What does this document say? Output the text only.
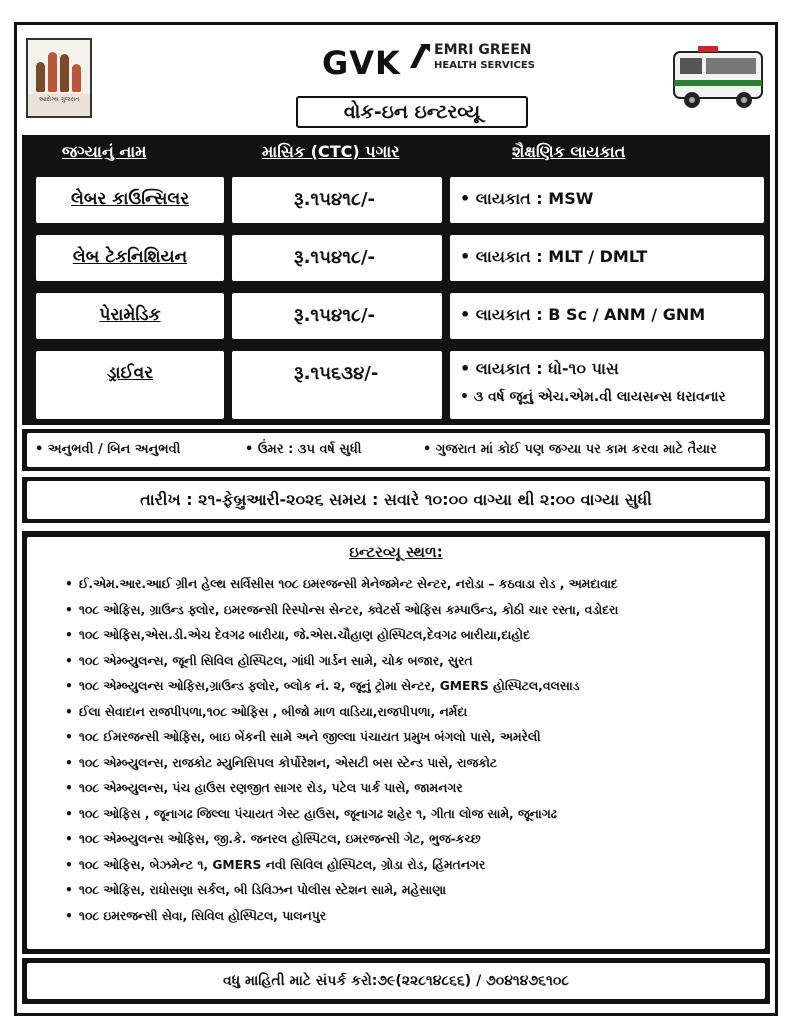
આરોગ્ય ગુજરાત
GVK EMRI GREEN
HEALTH SERVICES
વોક-ઇન ઇન્ટરવ્યૂ
જગ્યાનું નામ	માસિક (CTC) પગાર	શૈક્ષણિક લાયકાત
લેબર કાઉન્સિલર	રૂ.૧૫૪૧૮/-	• લાયકાત : MSW
લેબ ટેકનિશિયન	રૂ.૧૫૪૧૮/-	• લાયકાત : MLT / DMLT
પેરામેડિક	રૂ.૧૫૪૧૮/-	• લાયકાત : B Sc / ANM / GNM
ડ્રાઈવર	રૂ.૧૫૬૩૪/-	• લાયકાત : ધો-૧૦ પાસ
• ૩ વર્ષ જૂનું એચ.એમ.વી લાયસન્સ ધરાવનાર
• અનુભવી / બિન અનુભવી	• ઉંમર : ૩૫ વર્ષ સુધી	• ગુજરાત માં કોઈ પણ જગ્યા પર કામ કરવા માટે તૈયાર
તારીખ : ૨૧-ફેબ્રુઆરી-૨૦૨૬ સમય : સવારે ૧૦:૦૦ વાગ્યા થી ૨:૦૦ વાગ્યા સુધી
ઇન્ટરવ્યૂ સ્થળ:
• ઈ.એમ.આર.આઈ ગ્રીન હેલ્થ સર્વિસીસ ૧૦૮ ઇમરજન્સી મેનેજમેન્ટ સેન્ટર, નરોડા – કઠવાડા રોડ , અમદાવાદ
• ૧૦૮ ઓફિસ, ગ્રાઉન્ડ ફ્લોર, ઇમરજન્સી રિસ્પોન્સ સેન્ટર, ક્વેટર્સ ઓફિસ કમ્પાઉન્ડ, કોઠી ચાર રસ્તા, વડોદરા
• ૧૦૮ ઓફિસ,એસ.ડી.એચ દેવગઢ બારીયા, જે.એસ.ચૌહાણ હોસ્પિટલ,દેવગઢ બારીયા,દાહોદ
• ૧૦૮ એમ્બ્યુલન્સ, જૂની સિવિલ હોસ્પિટલ, ગાંધી ગાર્ડન સામે, ચોક બજાર, સુરત
• ૧૦૮ એમ્બ્યુલન્સ ઓફિસ,ગ્રાઉન્ડ ફ્લોર, બ્લોક નં. ૨, જૂનું ટ્રોમા સેન્ટર, GMERS હોસ્પિટલ,વલસાડ
• ઈલા સેવાદાન રાજપીપળા,૧૦૮ ઓફિસ , બીજો માળ વાડિયા,રાજપીપળા, નર્મદા
• ૧૦૮ ઈમરજન્સી ઓફિસ, બાઇ બેંકની સામે અને જીલ્લા પંચાયત પ્રમુખ બંગલો પાસે, અમરેલી
• ૧૦૮ એમ્બ્યુલન્સ, રાજકોટ મ્યુનિસિપલ કોર્પોરેશન, એસટી બસ સ્ટેન્ડ પાસે, રાજકોટ
• ૧૦૮ એમ્બ્યુલન્સ, પંચ હાઉસ રણજીત સાગર રોડ, પટેલ પાર્ક પાસે, જામનગર
• ૧૦૮ ઓફિસ , જૂનાગઢ જિલ્લા પંચાયત ગેસ્ટ હાઉસ, જૂનાગઢ શહેર ૧, ગીતા લોજ સામે, જૂનાગઢ
• ૧૦૮ એમ્બ્યુલન્સ ઓફિસ, જી.કે. જનરલ હોસ્પિટલ, ઇમરજન્સી ગેટ, ભુજ-કચ્છ
• ૧૦૮ ઓફિસ, બેઝમેન્ટ ૧, GMERS નવી સિવિલ હોસ્પિટલ, ગ્રોડા રોડ, હિંમતનગર
• ૧૦૮ ઓફિસ, રાધોસણા સર્કલ, બી ડિવિઝન પોલીસ સ્ટેશન સામે, મહેસાણા
• ૧૦૮ ઇમરજન્સી સેવા, સિવિલ હોસ્પિટલ, પાલનપુર
વધુ માહિતી માટે સંપર્ક કરો:૭૯(૨૨૮૧૪૮૬૬) / ૭૦૪૧૪૭૬૧૦૮
